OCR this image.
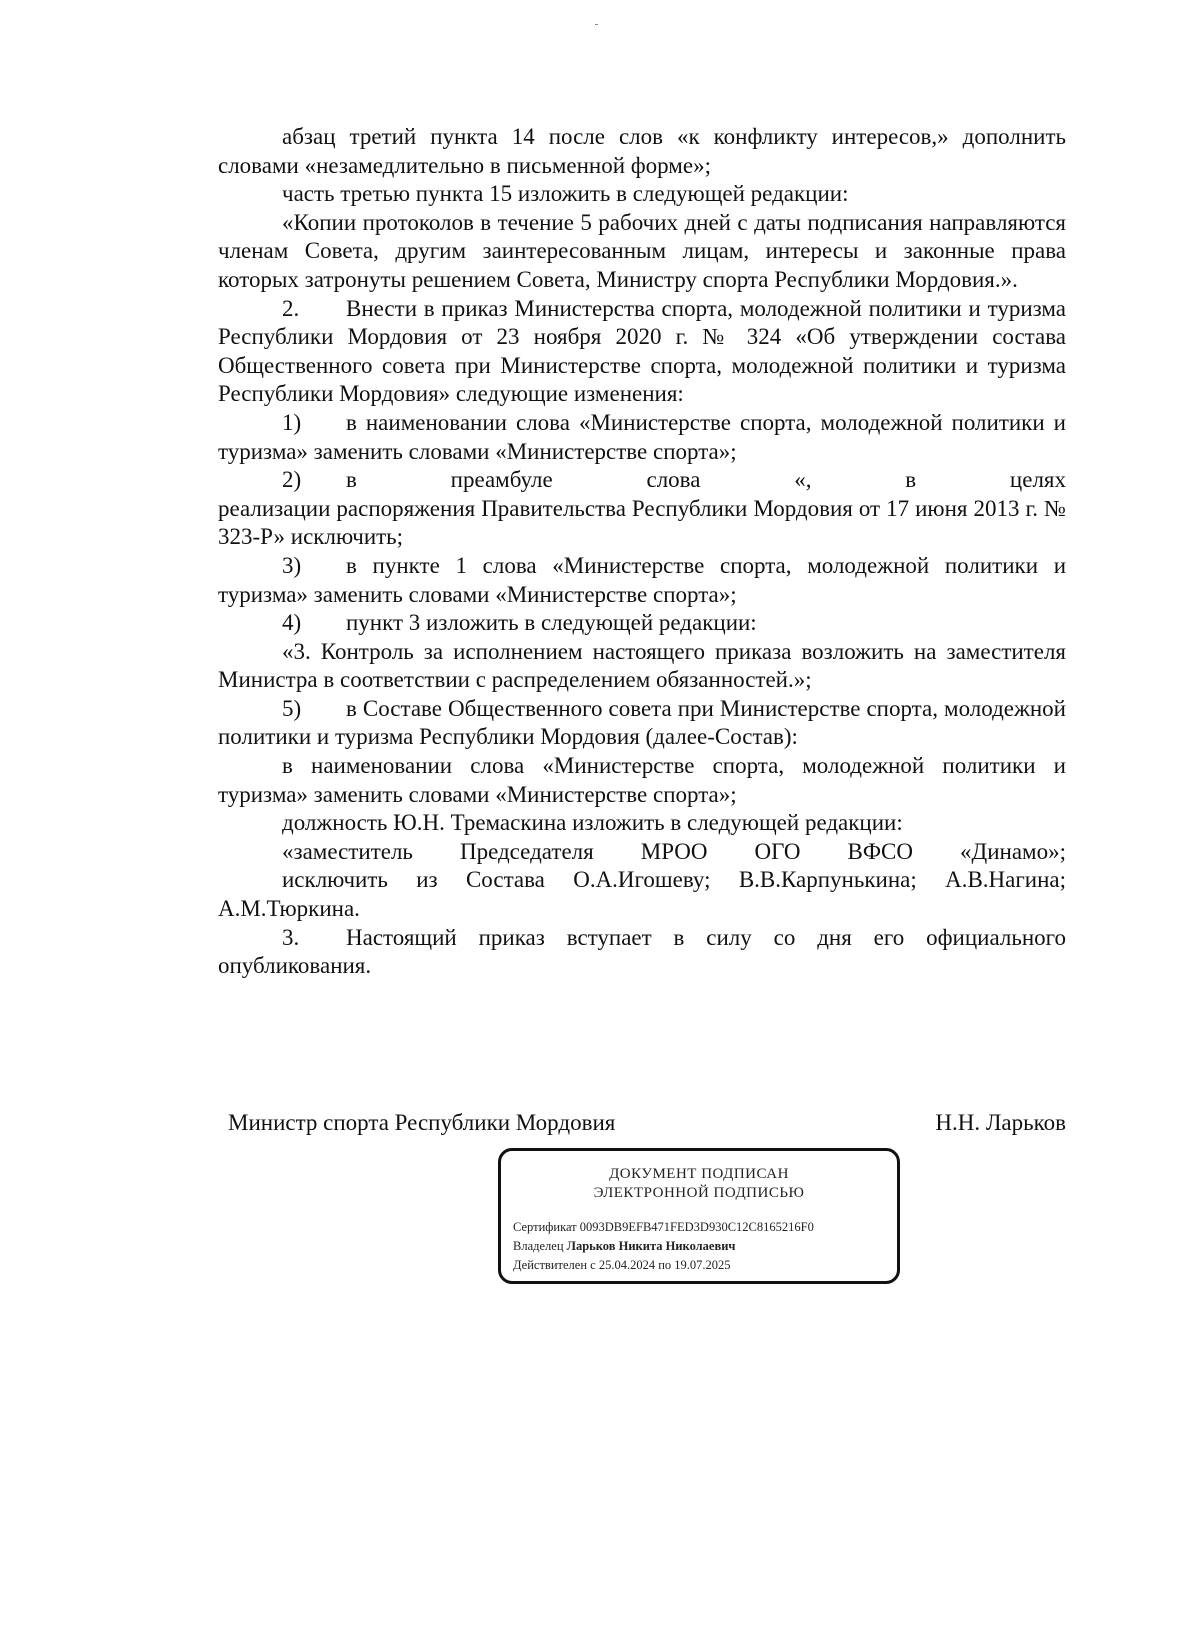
абзац третий пункта 14 после слов «к конфликту интересов,» дополнить словами «незамедлительно в письменной форме»;

часть третью пункта 15 изложить в следующей редакции:

«Копии протоколов в течение 5 рабочих дней с даты подписания направляются членам Совета, другим заинтересованным лицам, интересы и законные права которых затронуты решением Совета, Министру спорта Республики Мордовия.».

2. Внести в приказ Министерства спорта, молодежной политики и туризма Республики Мордовия от 23 ноября 2020 г. № 324 «Об утверждении состава Общественного совета при Министерстве спорта, молодежной политики и туризма Республики Мордовия» следующие изменения:

1) в наименовании слова «Министерстве спорта, молодежной политики и туризма» заменить словами «Министерстве спорта»;

2) в преамбуле слова «, в целях

реализации распоряжения Правительства Республики Мордовия от 17 июня 2013 г. № 323-Р» исключить;

3) в пункте 1 слова «Министерстве спорта, молодежной политики и туризма» заменить словами «Министерстве спорта»;

4) пункт 3 изложить в следующей редакции:

«3. Контроль за исполнением настоящего приказа возложить на заместителя Министра в соответствии с распределением обязанностей.»;

5) в Составе Общественного совета при Министерстве спорта, молодежной политики и туризма Республики Мордовия (далее-Состав):

в наименовании слова «Министерстве спорта, молодежной политики и туризма» заменить словами «Министерстве спорта»;

должность Ю.Н. Тремаскина изложить в следующей редакции:

«заместитель Председателя МРОО ОГО ВФСО «Динамо»;

исключить из Состава О.А.Игошеву; В.В.Карпунькина; А.В.Нагина; А.М.Тюркина.

3. Настоящий приказ вступает в силу со дня его официального опубликования.

Министр спорта Республики Мордовия	Н.Н. Ларьков
ДОКУМЕНТ ПОДПИСАН
ЭЛЕКТРОННОЙ ПОДПИСЬЮ
Сертификат 0093DB9EFB471FED3D930C12C8165216F0
Владелец Ларьков Никита Николаевич
Действителен с 25.04.2024 по 19.07.2025
